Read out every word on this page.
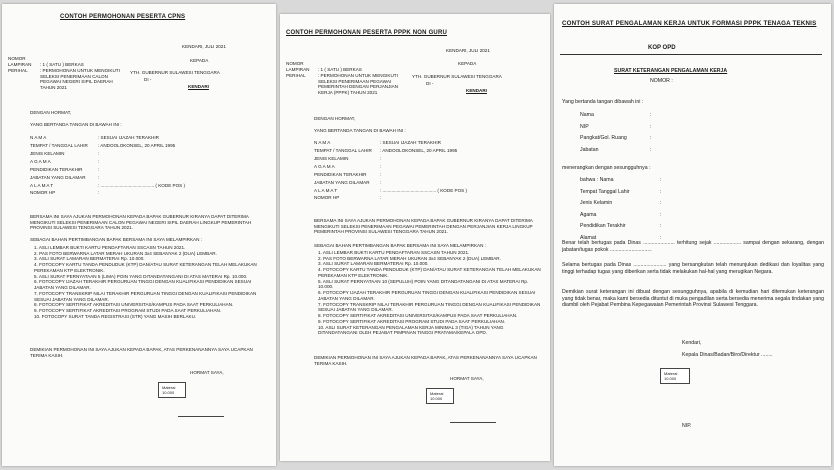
CONTOH PERMOHONAN PESERTA CPNS
KENDARI, JULI 2021
NOMOR
LAMPIRAN : 1 ( SATU ) BERKAS
PERIHAL	: PERMOHONAN UNTUK MENGIKUTI SELEKSI PENERIMAAN CALON PEGAWAI NEGERI SIPIL DAERAH TAHUN 2021
KEPADA
YTH. GUBERNUR SULAWESI TENGGARA
DI -
KENDARI
DENGAN HORMAT,
YANG BERTANDA TANGAN DI BAWAH INI :
N A M A	: SESUAI IJAZAH TERAKHIR
TEMPAT / TANGGAL LAHIR	: ANDOOLOKONSEL, 20 APRIL 1995
JENIS KELAMIN	:
A G A M A	:
PENDIDIKAN TERAKHIR	:
JABATAN YANG DILAMAR	:
A L A M A T	: .......................................... ( KODE POS )
NOMOR HP	:
BERSAMA INI SAYA AJUKAN PERMOHONAN KEPADA BAPAK GUBERNUR KIRANYA DAPAT DITERIMA MENGIKUTI SELEKSI PENERIMAAN CALON PEGAWAI NEGERI SIPIL DAERAH LINGKUP PEMERINTAH PROVINSI SULAWESI TENGGARA TAHUN 2021.
SEBAGAI BAHAN PERTIMBANGAN BAPAK BERSAMA INI SAYA MELAMPIRKAN :
1. ASLI LEMBAR BUKTI KARTU PENDAFTARAN SSCASN TAHUN 2021.
2. PAS FOTO BERWARNA LATAR MERAH UKURAN 3x4 SEBANYAK 2 (DUA) LEMBAR.
3. ASLI SURAT LAMARAN BERMATERAI Rp. 10.000.
4. FOTOCOPY KARTU TANDA PENDUDUK (KTP) DAN/ATAU SURAT KETERANGAN TELAH MELAKUKAN PEREKAMAN KTP ELEKTRONIK.
5. ASLI SURAT PERNYATAAN 5 (LIMA) POIN YANG DITANDATANGANI DI ATAS MATERAI Rp. 10.000.
6. FOTOCOPY IJAZAH TERAKHIR PERGURUAN TINGGI DENGAN KUALIFIKASI PENDIDIKAN SESUAI JABATAN YANG DILAMAR.
7. FOTOCOPY TRANSKRIP NILAI TERAKHIR PERGURUAN TINGGI DENGAN KUALIFIKASI PENDIDIKAN SESUAI JABATAN YANG DILAMAR.
8. FOTOCOPY SERTIFIKAT AKREDITASI UNIVERSITAS/KAMPUS PADA SAAT PERKULIAHAN.
9. FOTOCOPY SERTIFIKAT AKREDITASI PROGRAM STUDI PADA SAAT PERKULIAHAN.
10. FOTOCOPY SURAT TANDA REGISTRASI (STR) YANG MASIH BERLAKU.
DEMIKIAN PERMOHONAN INI SAYA AJUKAN KEPADA BAPAK, ATAS PERKENANANNYA SAYA UCAPKAN TERIMA KASIH.
HORMAT SAYA,
Materai
10.000
CONTOH PERMOHONAN PESERTA PPPK NON GURU
KENDARI, JULI 2021
NOMOR
LAMPIRAN : 1 ( SATU ) BERKAS
PERIHAL	: PERMOHONAN UNTUK MENGIKUTI SELEKSI PENERIMAAN PEGAWAI PEMERINTAH DENGAN PERJANJIAN KERJA (PPPK) TAHUN 2021
KEPADA
YTH. GUBERNUR SULAWESI TENGGARA
DI -
KENDARI
DENGAN HORMAT,
YANG BERTANDA TANGAN DI BAWAH INI :
N A M A	: SESUAI IJAZAH TERAKHIR
TEMPAT / TANGGAL LAHIR	: ANDOOLOKONSEL, 20 APRIL 1995
JENIS KELAMIN	:
A G A M A	:
PENDIDIKAN TERAKHIR	:
JABATAN YANG DILAMAR	:
A L A M A T	: .......................................... ( KODE POS )
NOMOR HP	:
BERSAMA INI SAYA AJUKAN PERMOHONAN KEPADA BAPAK GUBERNUR KIRANYA DAPAT DITERIMA MENGIKUTI SELEKSI PENERIMAAN PEGAWAI PEMERINTAH DENGAN PERJANJIAN KERJA LINGKUP PEMERINTAH PROVINSI SULAWESI TENGGARA TAHUN 2021.
SEBAGAI BAHAN PERTIMBANGAN BAPAK BERSAMA INI SAYA MELAMPIRKAN :
1. ASLI LEMBAR BUKTI KARTU PENDAFTARAN SSCASN TAHUN 2021.
2. PAS FOTO BERWARNA LATAR MERAH UKURAN 3x4 SEBANYAK 2 (DUA) LEMBAR.
3. ASLI SURAT LAMARAN BERMATERAI Rp. 10.000.
4. FOTOCOPY KARTU TANDA PENDUDUK (KTP) DAN/ATAU SURAT KETERANGAN TELAH MELAKUKAN PEREKAMAN KTP ELEKTRONIK.
5. ASLI SURAT PERNYATAAN 10 (SEPULUH) POIN YANG DITANDATANGANI DI ATAS MATERAI Rp. 10.000.
6. FOTOCOPY IJAZAH TERAKHIR PERGURUAN TINGGI DENGAN KUALIFIKASI PENDIDIKAN SESUAI JABATAN YANG DILAMAR.
7. FOTOCOPY TRANSKRIP NILAI TERAKHIR PERGURUAN TINGGI DENGAN KUALIFIKASI PENDIDIKAN SESUAI JABATAN YANG DILAMAR.
8. FOTOCOPY SERTIFIKAT AKREDITASI UNIVERSITAS/KAMPUS PADA SAAT PERKULIAHAN.
9. FOTOCOPY SERTIFIKAT AKREDITASI PROGRAM STUDI PADA SAAT PERKULIAHAN.
10. ASLI SURAT KETERANGAN PENGALAMAN KERJA MINIMAL 3 (TIGA) TAHUN YANG DITANDATANGANI OLEH PEJABAT PIMPINAN TINGGI PRATAMA/KEPALA OPD.
DEMIKIAN PERMOHONAN INI SAYA AJUKAN KEPADA BAPAK, ATAS PERKENANANNYA SAYA UCAPKAN TERIMA KASIH.
HORMAT SAYA,
Materai
10.000
CONTOH SURAT PENGALAMAN KERJA UNTUK FORMASI PPPK TENAGA TEKNIS
KOP OPD
SURAT KETERANGAN PENGALAMAN KERJA
NOMOR :
Yang bertanda tangan dibawah ini :
Nama	:
NIP	:
Pangkat/Gol. Ruang	:
Jabatan	:
menerangkan dengan sesungguhnya :
bahwa : Nama	:
Tempat Tanggal Lahir	:
Jenis Kelamin	:
Agama	:
Pendidikan Terakhir	:
Alamat	:
Benar telah bertugas pada Dinas ...................... terhitung sejak ................... sampai dengan sekarang, dengan jabatan/tugas pokok .............................
Selama bertugas pada Dinas ....................... yang bersangkutan telah menunjukan dedikasi dan loyalitas yang tinggi terhadap tugas yang diberikan serta tidak melakukan hal-hal yang merugikan Negara.
Demikian surat keterangan ini dibuat dengan sesungguhnya, apabila di kemudian hari ditemukan keterangan yang tidak benar, maka kami bersedia dituntut di muka pengadilan serta bersedia menerima segala tindakan yang diambil oleh Pejabat Pembina Kepegawaian Pemerintah Provinsi Sulawesi Tenggara.
Kendari,
Kepala Dinas/Badan/Biro/Direktur ........
Materai
10.000
NIP.
